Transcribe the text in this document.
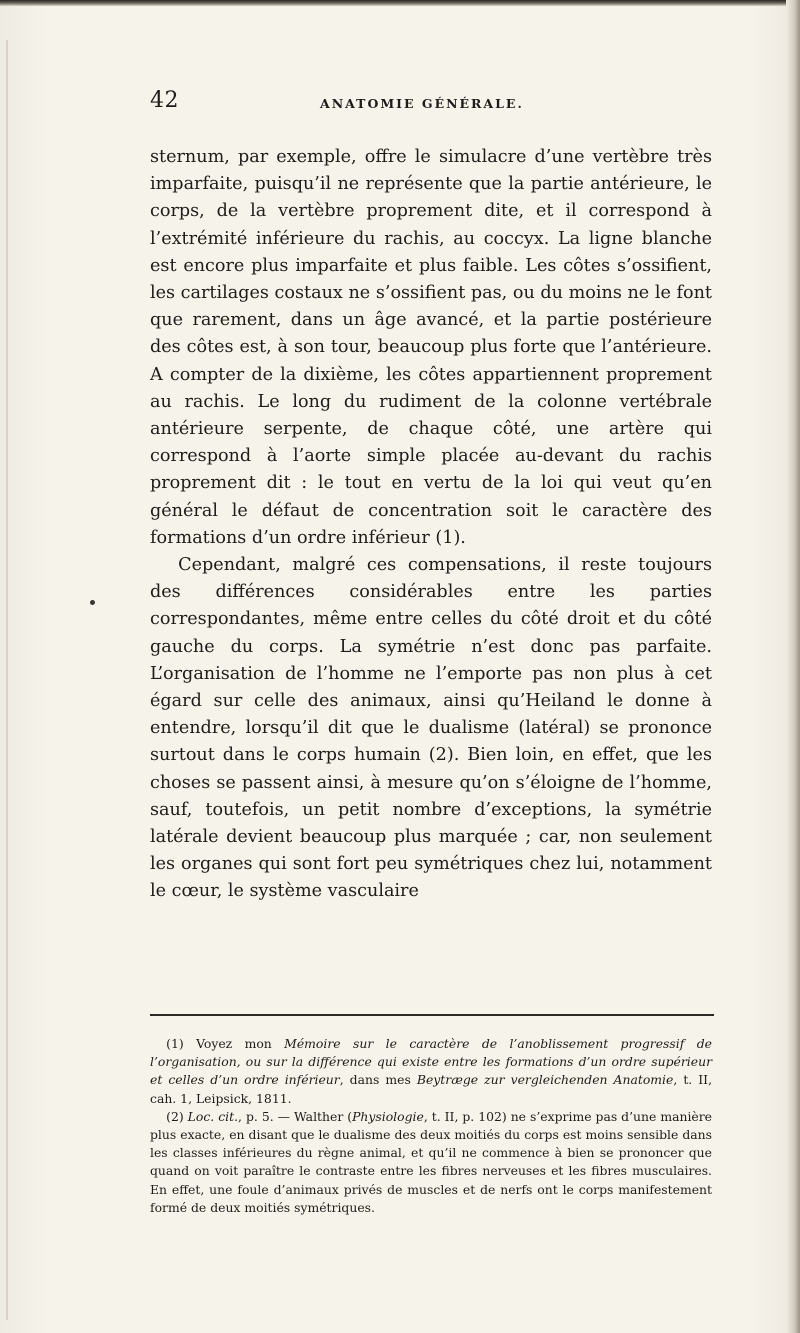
42	ANATOMIE GÉNÉRALE.

sternum, par exemple, offre le simulacre d’une vertèbre très imparfaite, puisqu’il ne représente que la partie antérieure, le corps, de la vertèbre proprement dite, et il correspond à l’extrémité inférieure du rachis, au coccyx. La ligne blanche est encore plus imparfaite et plus faible. Les côtes s’ossifient, les cartilages costaux ne s’ossifient pas, ou du moins ne le font que rarement, dans un âge avancé, et la partie postérieure des côtes est, à son tour, beaucoup plus forte que l’antérieure. A compter de la dixième, les côtes appartiennent proprement au rachis. Le long du rudiment de la colonne vertébrale antérieure serpente, de chaque côté, une artère qui correspond à l’aorte simple placée au-devant du rachis proprement dit : le tout en vertu de la loi qui veut qu’en général le défaut de concentration soit le caractère des formations d’un ordre inférieur (1).

Cependant, malgré ces compensations, il reste toujours des différences considérables entre les parties correspondantes, même entre celles du côté droit et du côté gauche du corps. La symétrie n’est donc pas parfaite. L’organisation de l’homme ne l’emporte pas non plus à cet égard sur celle des animaux, ainsi qu’Heiland le donne à entendre, lorsqu’il dit que le dualisme (latéral) se prononce surtout dans le corps humain (2). Bien loin, en effet, que les choses se passent ainsi, à mesure qu’on s’éloigne de l’homme, sauf, toutefois, un petit nombre d’exceptions, la symétrie latérale devient beaucoup plus marquée ; car, non seulement les organes qui sont fort peu symétriques chez lui, notamment le cœur, le système vasculaire

(1) Voyez mon Mémoire sur le caractère de l’anoblissement progressif de l’organisation, ou sur la différence qui existe entre les formations d’un ordre supérieur et celles d’un ordre inférieur, dans mes Beytræge zur vergleichenden Anatomie, t. II, cah. 1, Leipsick, 1811.

(2) Loc. cit., p. 5. — Walther (Physiologie, t. II, p. 102) ne s’exprime pas d’une manière plus exacte, en disant que le dualisme des deux moitiés du corps est moins sensible dans les classes inférieures du règne animal, et qu’il ne commence à bien se prononcer que quand on voit paraître le contraste entre les fibres nerveuses et les fibres musculaires. En effet, une foule d’animaux privés de muscles et de nerfs ont le corps manifestement formé de deux moitiés symétriques.
